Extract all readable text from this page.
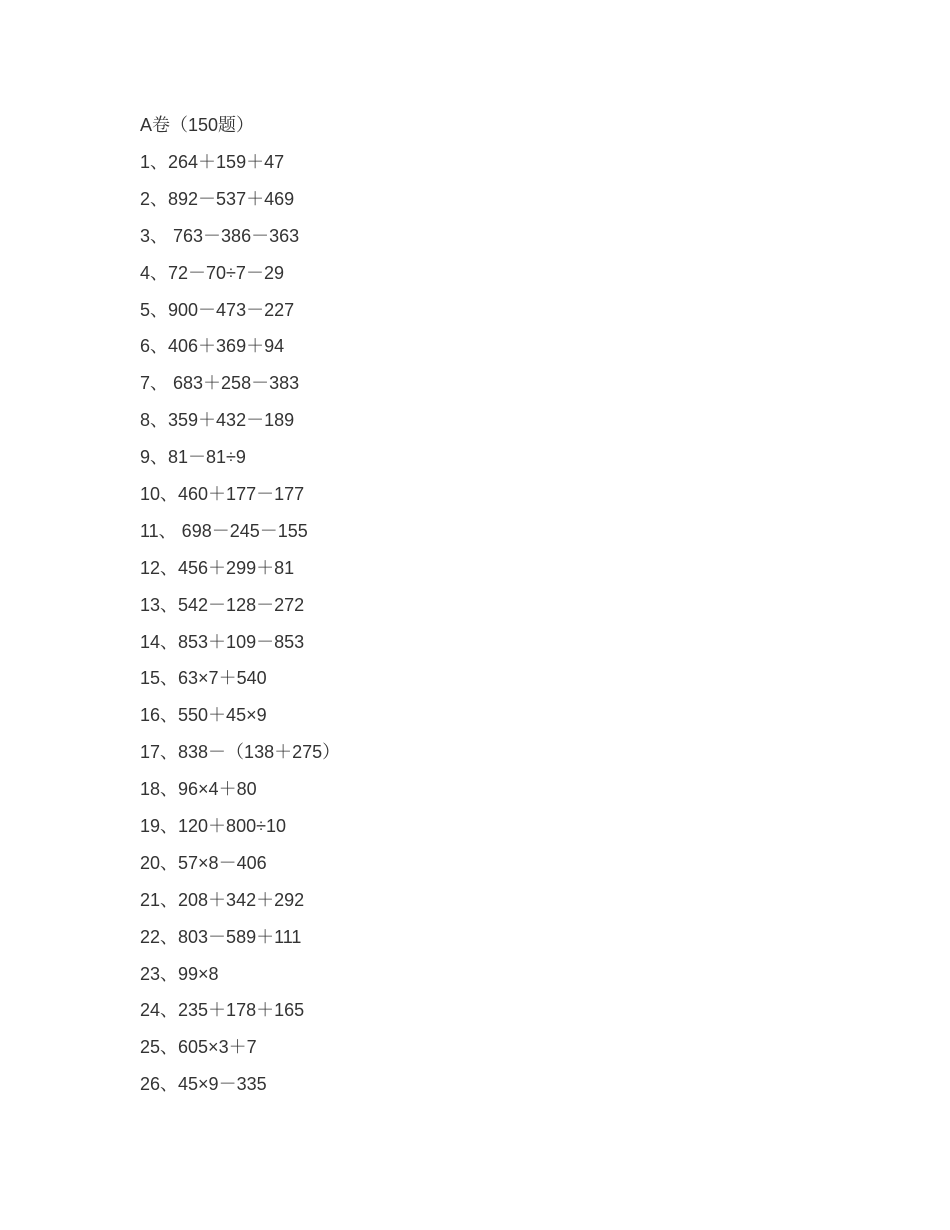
A卷（150题）
1、264＋159＋47
2、892－537＋469
3、 763－386－363
4、72－70÷7－29
5、900－473－227
6、406＋369＋94
7、 683＋258－383
8、359＋432－189
9、81－81÷9
10、460＋177－177
11、 698－245－155
12、456＋299＋81
13、542－128－272
14、853＋109－853
15、63×7＋540
16、550＋45×9
17、838－（138＋275）
18、96×4＋80
19、120＋800÷10
20、57×8－406
21、208＋342＋292
22、803－589＋111
23、99×8
24、235＋178＋165
25、605×3＋7
26、45×9－335
